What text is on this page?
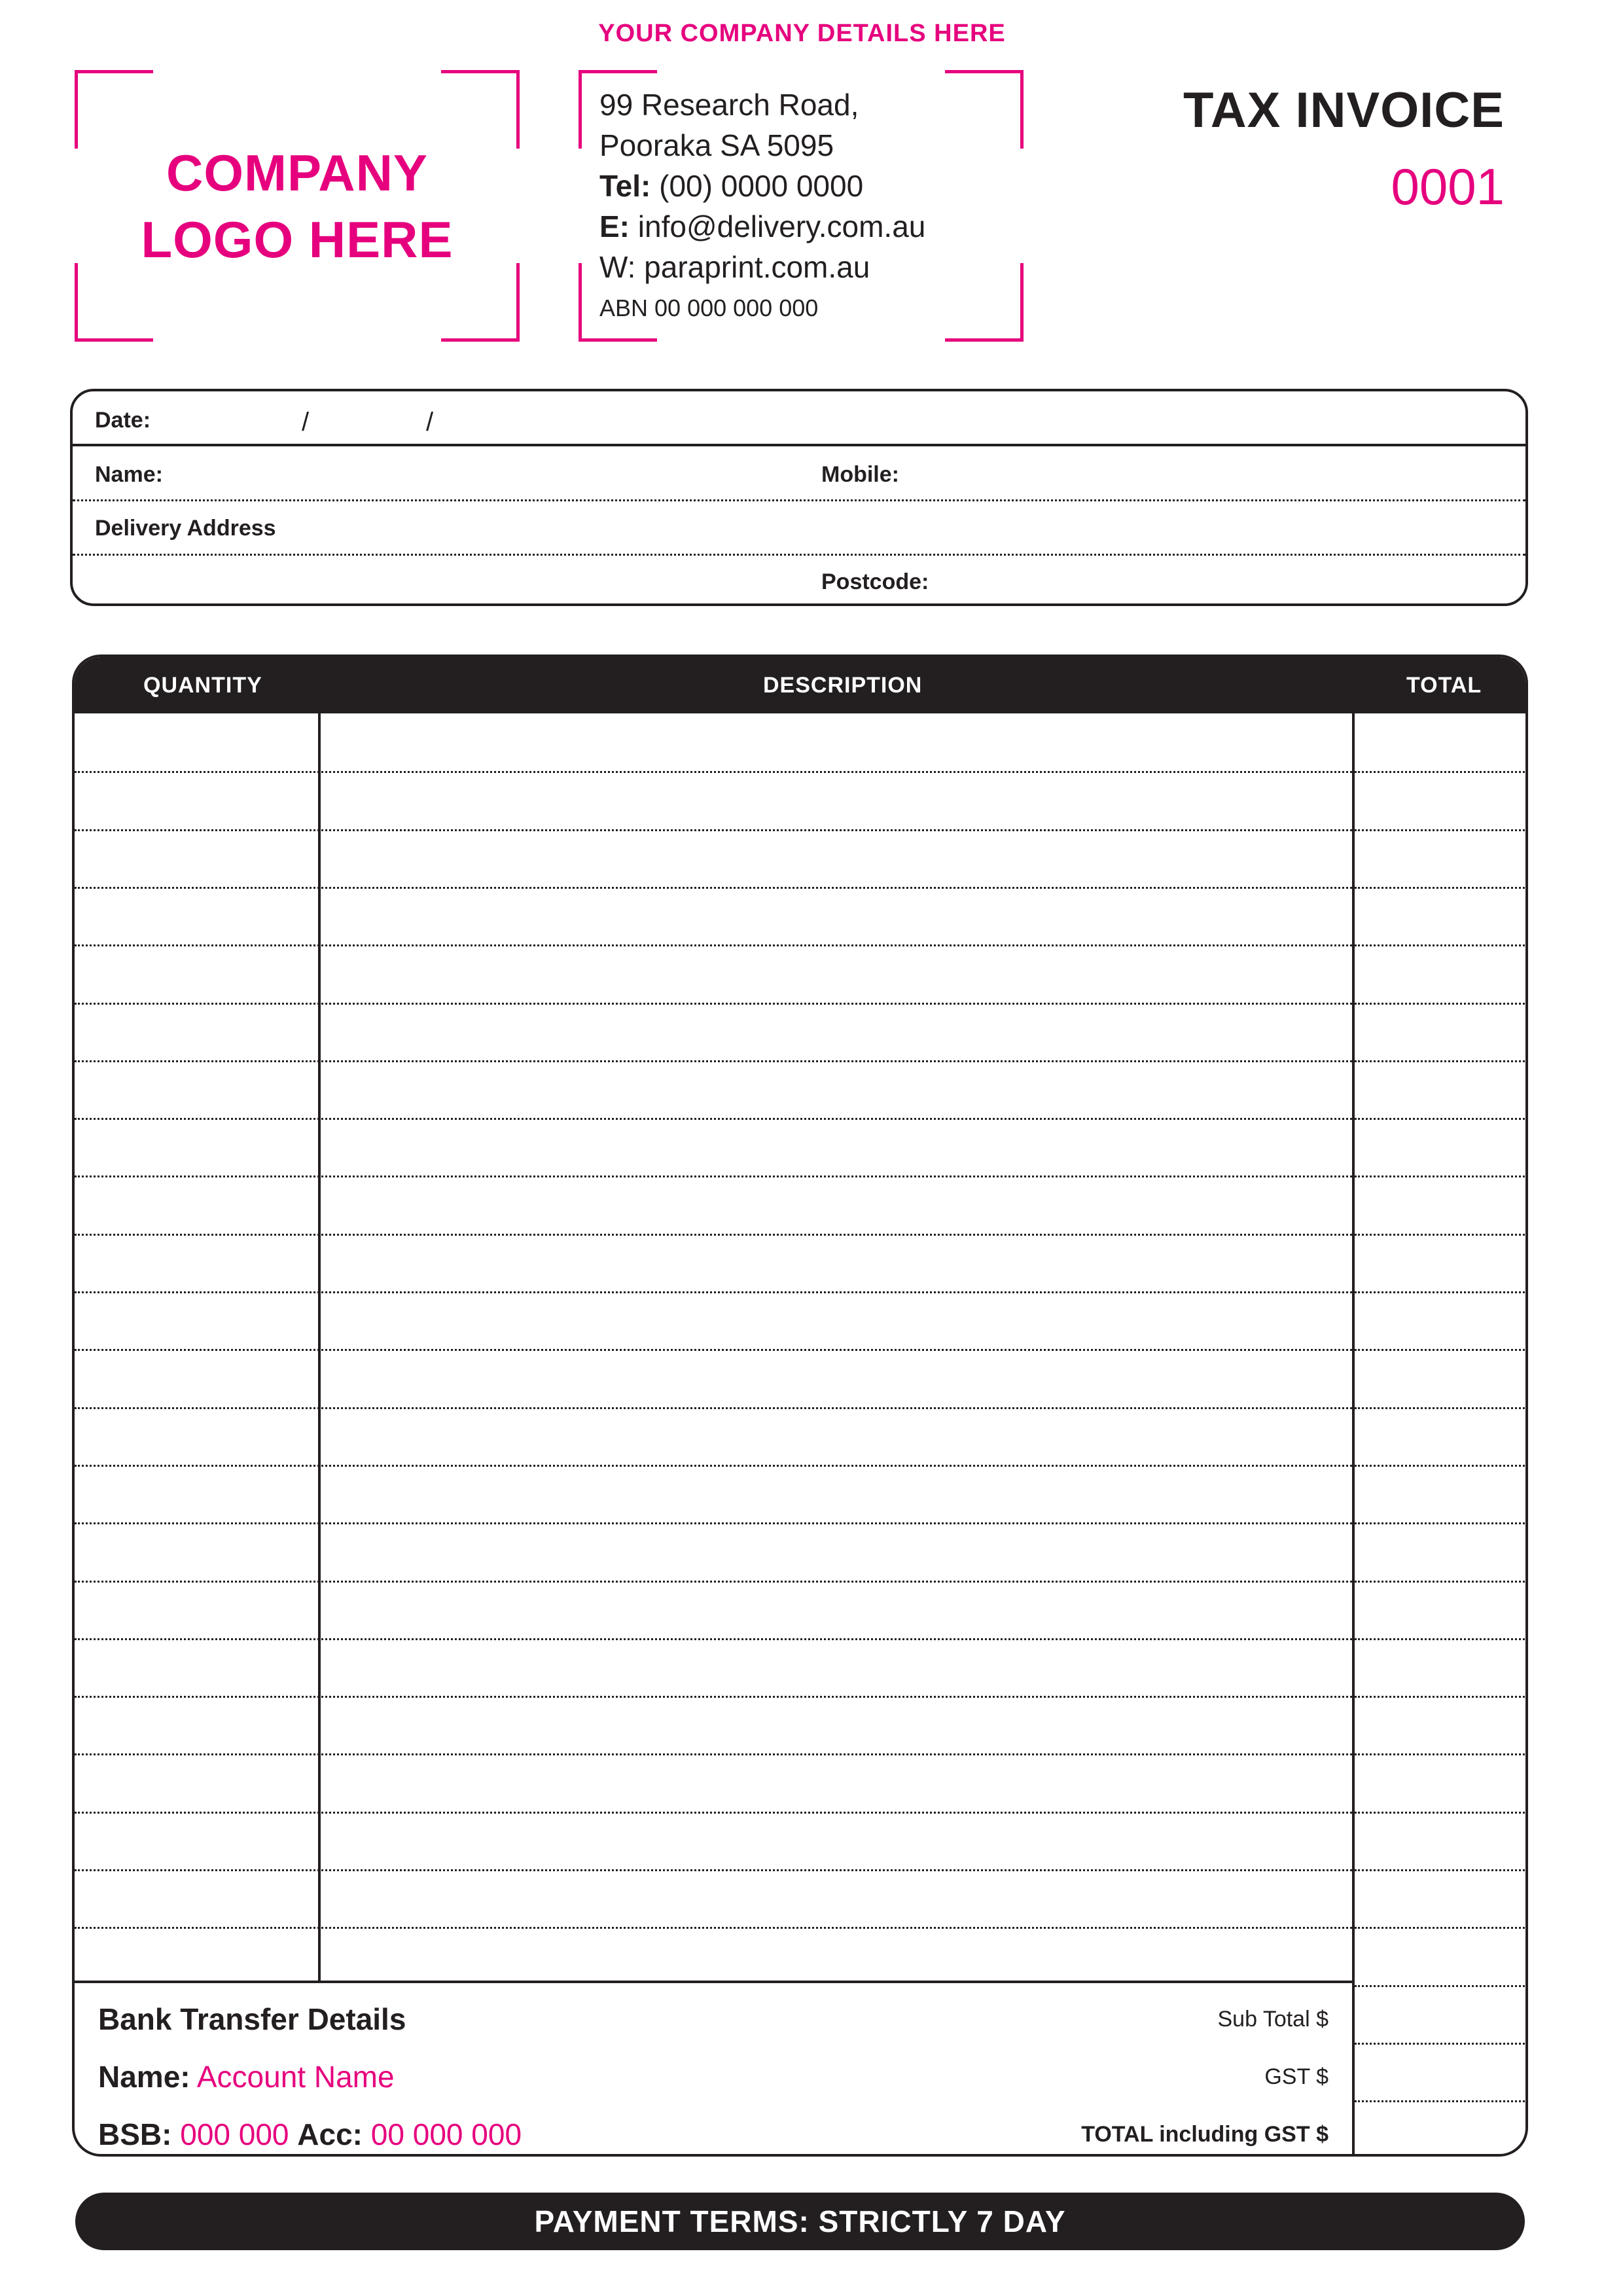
YOUR COMPANY DETAILS HERE
COMPANY
LOGO HERE
99 Research Road,
Pooraka SA 5095
Tel: (00) 0000 0000
E: info@delivery.com.au
W: paraprint.com.au
ABN 00 000 000 000
TAX INVOICE
0001
Date:	/	/
Name:	Mobile:
Delivery Address
Postcode:
QUANTITY	DESCRIPTION	TOTAL
Bank Transfer Details
Name: Account Name
BSB: 000 000 Acc: 00 000 000
Sub Total $
GST $
TOTAL including GST $
PAYMENT TERMS: STRICTLY 7 DAY
